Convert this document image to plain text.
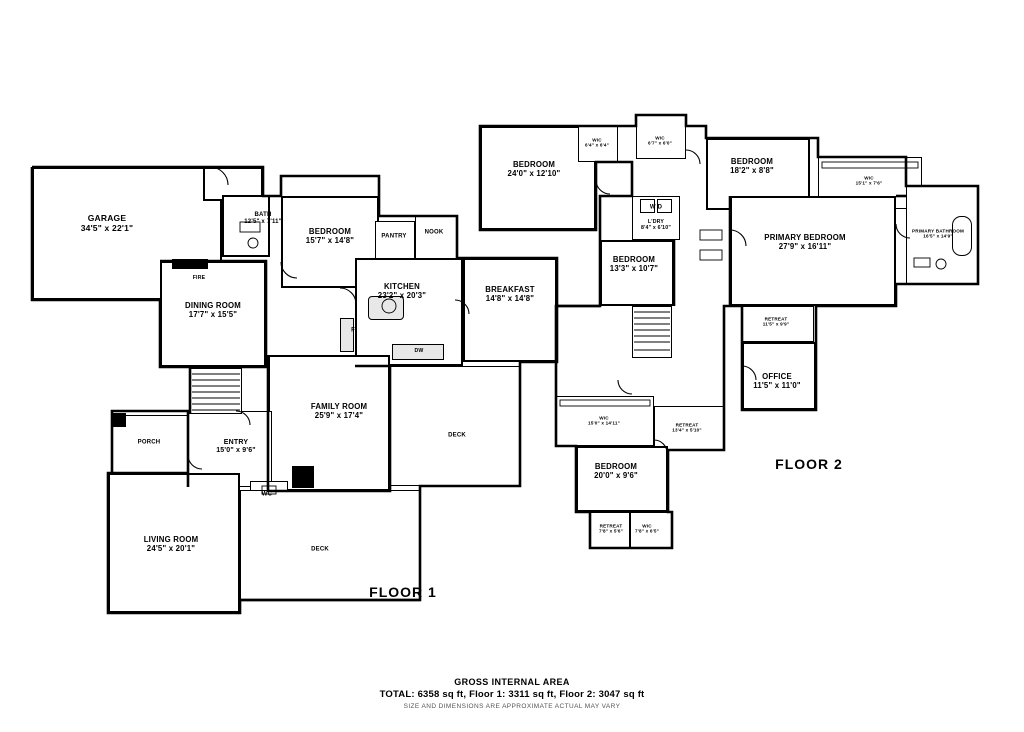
GARAGE
34'5" x 22'1"
BATH
12'5" x 7'11"
BEDROOM
15'7" x 14'8"	PANTRY
NOOK
DINING ROOM
17'7" x 15'5"
KITCHEN
23'2" x 20'3"
BREAKFAST
14'8" x 14'8"
FAMILY ROOM
25'9" x 17'4"
PORCH	ENTRY
15'0" x 9'6"
WC
LIVING ROOM
24'5" x 20'1"
DECK
DECK
FIRE
F
DW
FIRE
BEDROOM
24'0" x 12'10"
WIC
6'4" x 6'4"
WIC
6'7" x 6'0"
BEDROOM
18'2" x 8'8"
WIC
15'1" x 7'6"
W D
L'DRY
8'4" x 6'10"
BEDROOM
13'3" x 10'7"
PRIMARY BEDROOM
27'9" x 16'11"
PRIMARY BATHROOM
16'5" x 14'9"
RETREAT
11'5" x 9'9"
OFFICE
11'5" x 11'0"
WIC
15'0" x 14'11"	RETREAT
13'4" x 5'10"
BEDROOM
20'0" x 9'6"
RETREAT
7'8" x 5'6"
WIC
7'8" x 6'5"
FLOOR 1
FLOOR 2
GROSS INTERNAL AREA
TOTAL: 6358 sq ft, Floor 1: 3311 sq ft, Floor 2: 3047 sq ft
SIZE AND DIMENSIONS ARE APPROXIMATE ACTUAL MAY VARY
